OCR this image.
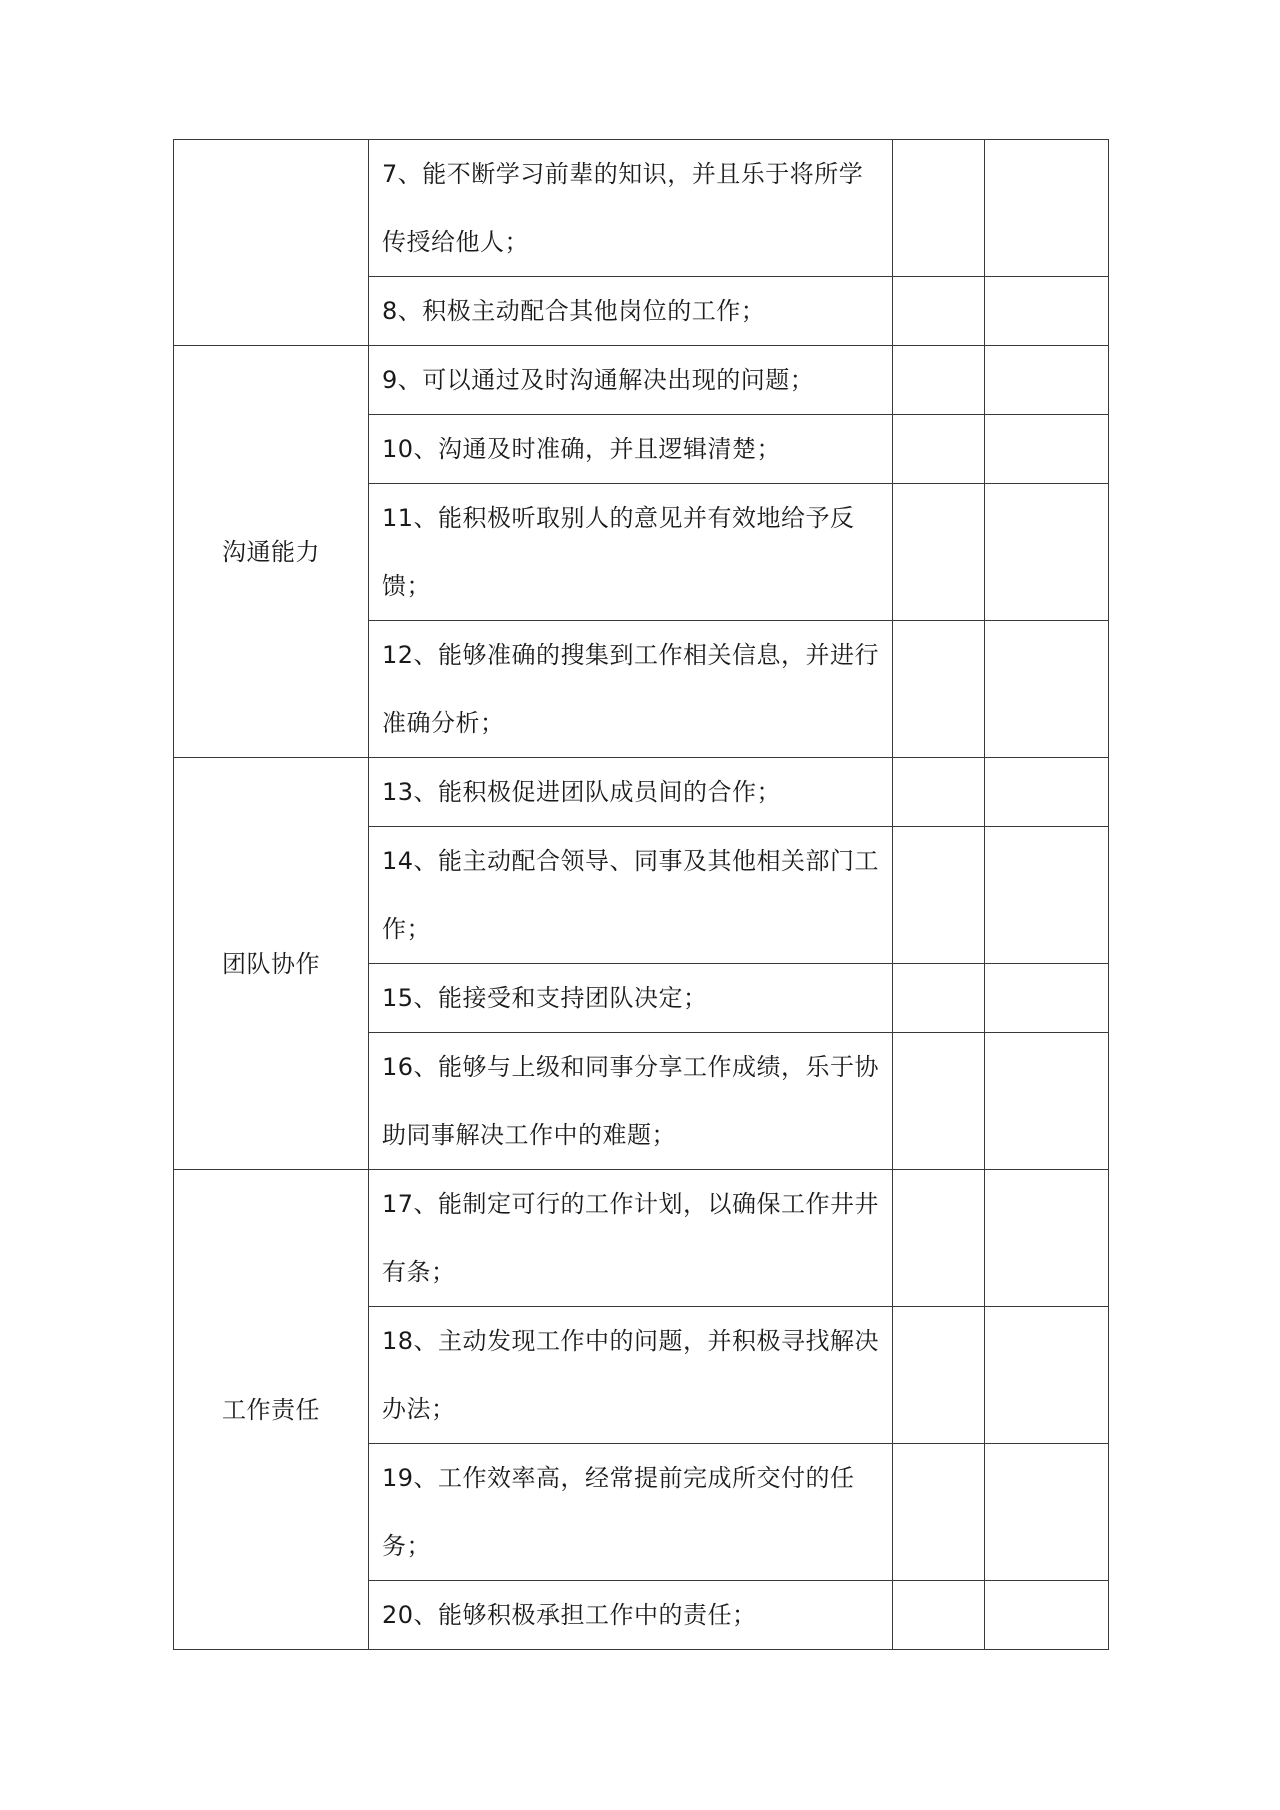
	7、能不断学习前辈的知识，并且乐于将所学传授给他人；		
	8、积极主动配合其他岗位的工作；		
沟通能力	9、可以通过及时沟通解决出现的问题；		
	10、沟通及时准确，并且逻辑清楚；		
	11、能积极听取别人的意见并有效地给予反馈；		
	12、能够准确的搜集到工作相关信息，并进行准确分析；		
团队协作	13、能积极促进团队成员间的合作；		
	14、能主动配合领导、同事及其他相关部门工作；		
	15、能接受和支持团队决定；		
	16、能够与上级和同事分享工作成绩，乐于协助同事解决工作中的难题；		
工作责任	17、能制定可行的工作计划，以确保工作井井有条；		
	18、主动发现工作中的问题，并积极寻找解决办法；		
	19、工作效率高，经常提前完成所交付的任务；		
	20、能够积极承担工作中的责任；		
